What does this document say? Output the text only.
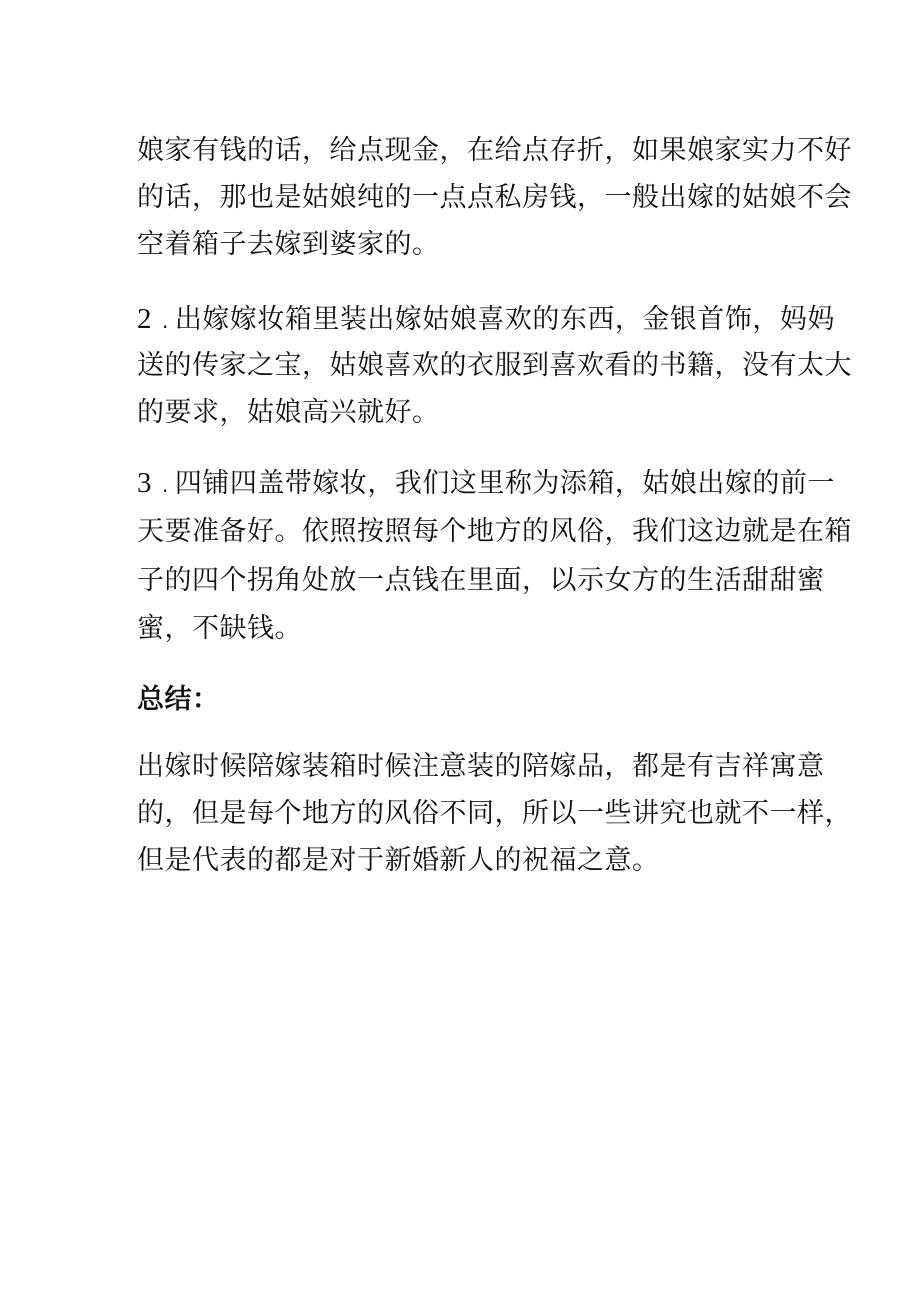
娘家有钱的话，给点现金，在给点存折，如果娘家实力不好
的话，那也是姑娘纯的一点点私房钱，一般出嫁的姑娘不会
空着箱子去嫁到婆家的。
2 . 出嫁嫁妆箱里装出嫁姑娘喜欢的东西，金银首饰，妈妈
送的传家之宝，姑娘喜欢的衣服到喜欢看的书籍，没有太大
的要求，姑娘高兴就好。
3 . 四铺四盖带嫁妆，我们这里称为添箱，姑娘出嫁的前一
天要准备好。依照按照每个地方的风俗，我们这边就是在箱
子的四个拐角处放一点钱在里面，以示女方的生活甜甜蜜
蜜，不缺钱。
总结：
出嫁时候陪嫁装箱时候注意装的陪嫁品，都是有吉祥寓意
的，但是每个地方的风俗不同，所以一些讲究也就不一样，
但是代表的都是对于新婚新人的祝福之意。
